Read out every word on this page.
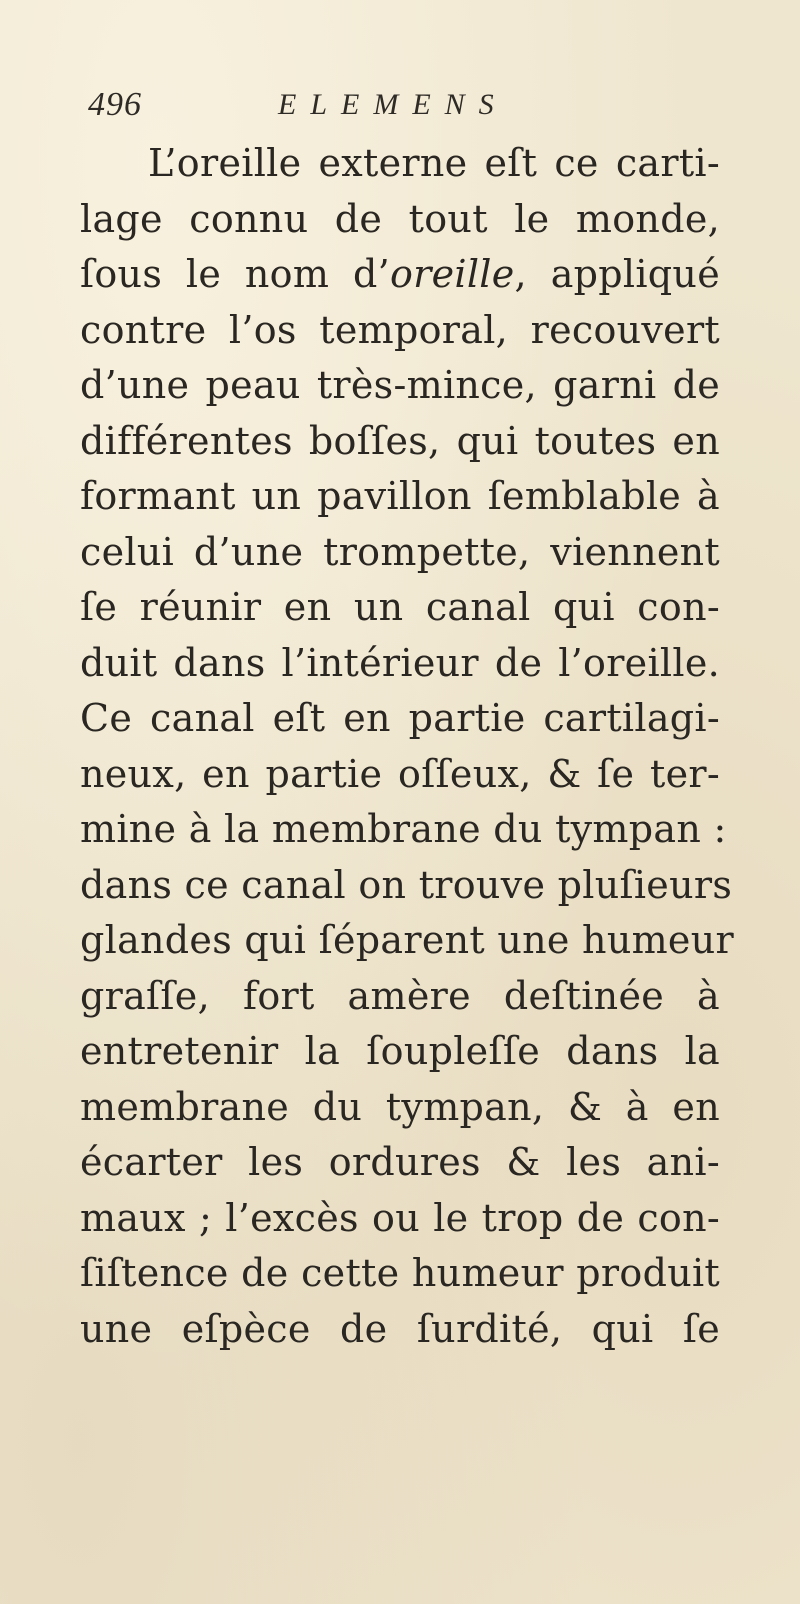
496	ELEMENS
L’oreille externe eſt ce carti-
lage connu de tout le monde,
ſous le nom d’oreille, appliqué
contre l’os temporal, recouvert
d’une peau très-mince, garni de
différentes boſſes, qui toutes en
formant un pavillon ſemblable à
celui d’une trompette, viennent
ſe réunir en un canal qui con-
duit dans l’intérieur de l’oreille.
Ce canal eſt en partie cartilagi-
neux, en partie oſſeux, & ſe ter-
mine à la membrane du tympan :
dans ce canal on trouve pluſieurs
glandes qui ſéparent une humeur
graſſe, fort amère deſtinée à
entretenir la ſoupleſſe dans la
membrane du tympan, & à en
écarter les ordures & les ani-
maux ; l’excès ou le trop de con-
ſiſtence de cette humeur produit
une eſpèce de ſurdité, qui ſe
